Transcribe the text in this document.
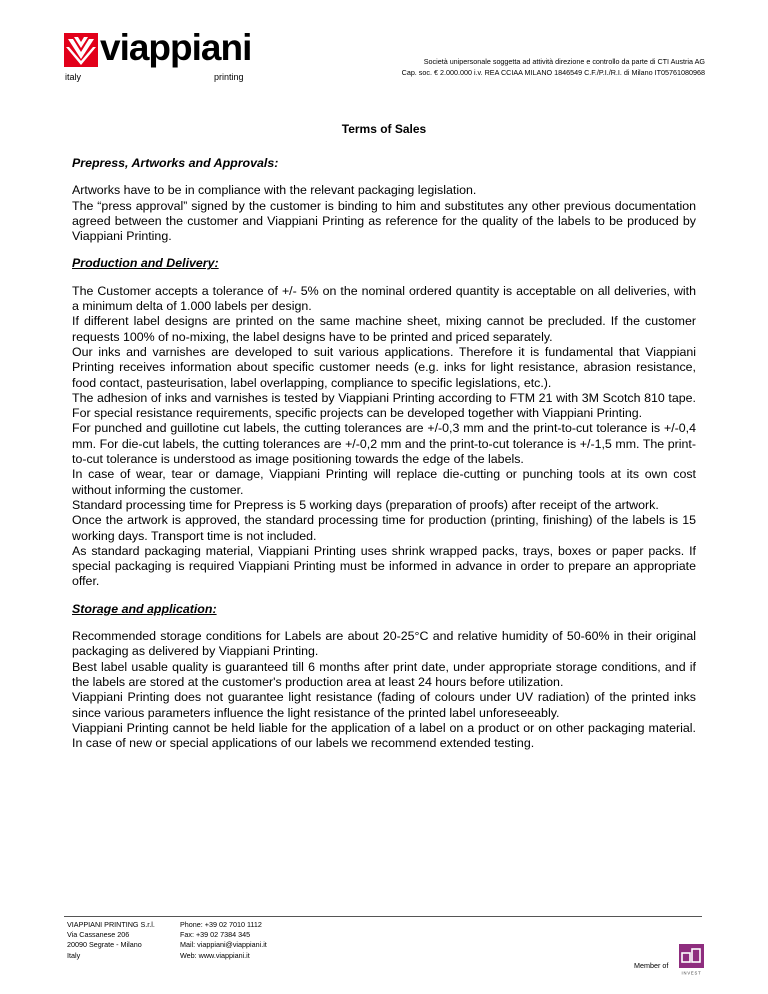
viappiani
italy	printing
Società unipersonale soggetta ad attività direzione e controllo da parte di CTI Austria AG
Cap. soc. € 2.000.000 i.v. REA CCIAA MILANO 1846549 C.F./P.I./R.I. di Milano IT05761080968
Terms of Sales
Prepress, Artworks and Approvals:

Artworks have to be in compliance with the relevant packaging legislation.

The “press approval” signed by the customer is binding to him and substitutes any other previous documentation agreed between the customer and Viappiani Printing as reference for the quality of the labels to be produced by Viappiani Printing.

Production and Delivery:

The Customer accepts a tolerance of +/- 5% on the nominal ordered quantity is acceptable on all deliveries, with a minimum delta of 1.000 labels per design.

If different label designs are printed on the same machine sheet, mixing cannot be precluded. If the customer requests 100% of no-mixing, the label designs have to be printed and priced separately.

Our inks and varnishes are developed to suit various applications. Therefore it is fundamental that Viappiani Printing receives information about specific customer needs (e.g. inks for light resistance, abrasion resistance, food contact, pasteurisation, label overlapping, compliance to specific legislations, etc.).

The adhesion of inks and varnishes is tested by Viappiani Printing according to FTM 21 with 3M Scotch 810 tape. For special resistance requirements, specific projects can be developed together with Viappiani Printing.

For punched and guillotine cut labels, the cutting tolerances are +/-0,3 mm and the print-to-cut tolerance is +/-0,4 mm. For die-cut labels, the cutting tolerances are +/-0,2 mm and the print-to-cut tolerance is +/-1,5 mm. The print-to-cut tolerance is understood as image positioning towards the edge of the labels.

In case of wear, tear or damage, Viappiani Printing will replace die-cutting or punching tools at its own cost without informing the customer.

Standard processing time for Prepress is 5 working days (preparation of proofs) after receipt of the artwork.

Once the artwork is approved, the standard processing time for production (printing, finishing) of the labels is 15 working days. Transport time is not included.

As standard packaging material, Viappiani Printing uses shrink wrapped packs, trays, boxes or paper packs. If special packaging is required Viappiani Printing must be informed in advance in order to prepare an appropriate offer.

Storage and application:

Recommended storage conditions for Labels are about 20-25°C and relative humidity of 50-60% in their original packaging as delivered by Viappiani Printing.

Best label usable quality is guaranteed till 6 months after print date, under appropriate storage conditions, and if the labels are stored at the customer's production area at least 24 hours before utilization.

Viappiani Printing does not guarantee light resistance (fading of colours under UV radiation) of the printed inks since various parameters influence the light resistance of the printed label unforeseeably.

Viappiani Printing cannot be held liable for the application of a label on a product or on other packaging material. In case of new or special applications of our labels we recommend extended testing.

VIAPPIANI PRINTING S.r.l.
Via Cassanese 206
20090 Segrate - Milano
Italy
Phone: +39 02 7010 1112
Fax: +39 02 7384 345
Mail: viappiani@viappiani.it
Web: www.viappiani.it
Member of
INVEST
